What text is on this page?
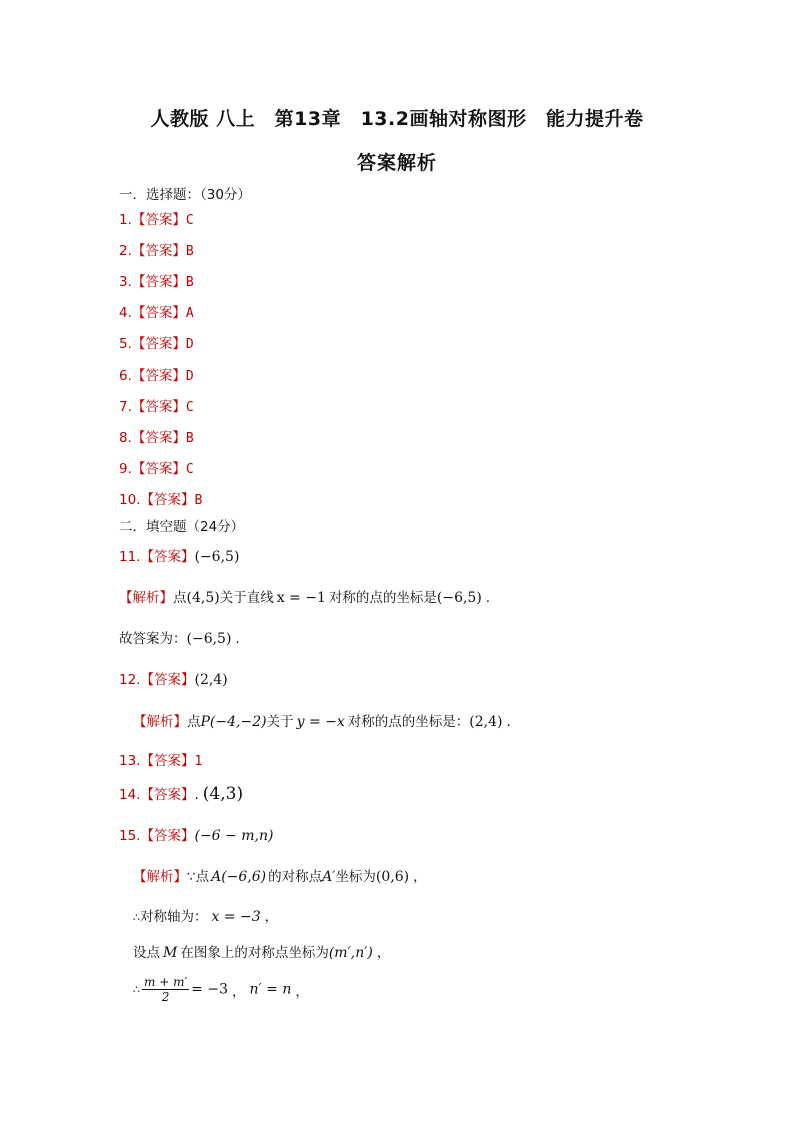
人教版 八上　第13章　13.2画轴对称图形　能力提升卷
答案解析
一．选择题：（30分）
1.【答案】C
2.【答案】B
3.【答案】B
4.【答案】A
5.【答案】D
6.【答案】D
7.【答案】C
8.【答案】B
9.【答案】C
10.【答案】B
二．填空题（24分）
11.【答案】(−6,5)
【解析】点(4,5)关于直线 x = −1 对称的点的坐标是(−6,5) .
故答案为：(−6,5) .
12.【答案】(2,4)
【解析】点P(−4,−2)关于 y = −x 对称的点的坐标是：(2,4) .
13.【答案】1
14.【答案】. (4,3)
15.【答案】(−6 − m,n)
【解析】∵点 A(−6,6) 的对称点A′坐标为(0,6) ，
∴对称轴为： x = −3 ，
设点 M 在图象上的对称点坐标为(m′,n′) ，
∴ $\frac{m + m'}{2} = -3$ ， n′ = n ，
